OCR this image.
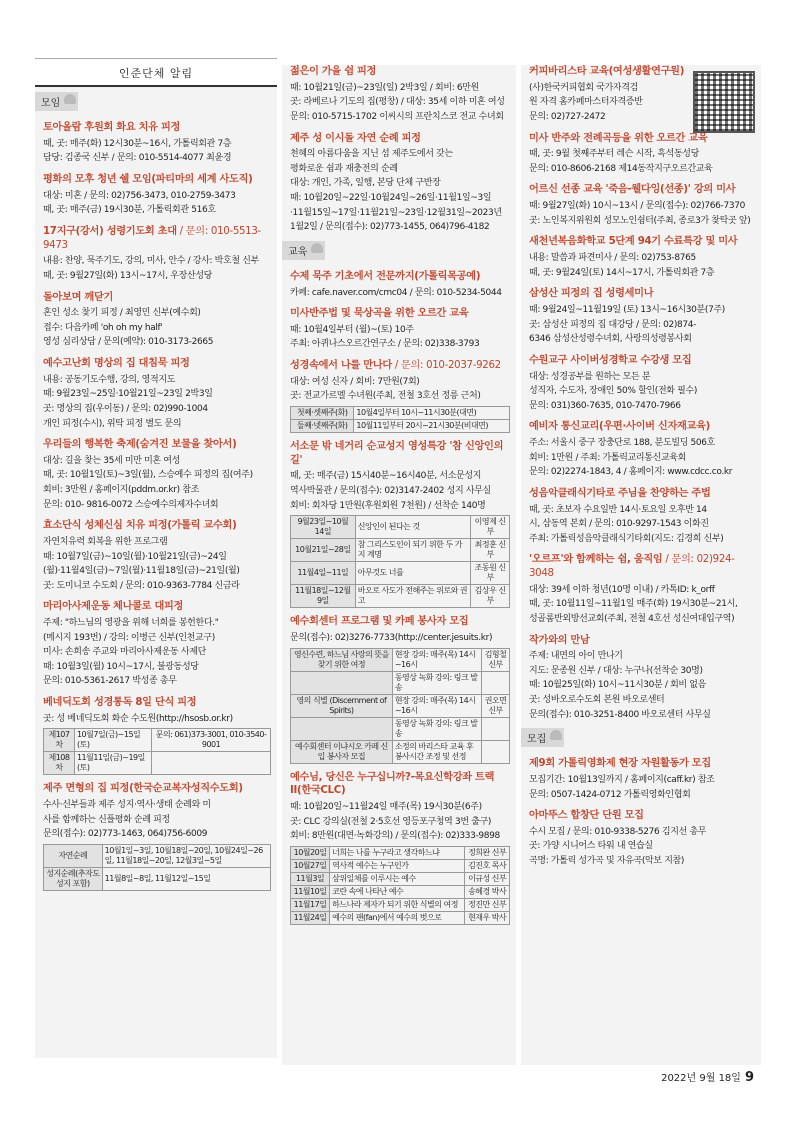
인준단체 알림
모임
토아올람 후원회 화요 치유 피정

때, 곳: 매주(화) 12시30분~16시, 가톨릭회관 7층

담당: 김종국 신부 / 문의: 010-5514-4077 최윤경

평화의 모후 청년 쉘 모임(파티마의 세계 사도직)

대상: 미혼 / 문의: 02)756-3473, 010-2759-3473

때, 곳: 매주(금) 19시30분, 가톨릭회관 516호

17지구(강서) 성령기도회 초대 / 문의: 010-5513-9473

내용: 찬양, 묵주기도, 강의, 미사, 안수 / 강사: 박호철 신부

때, 곳: 9월27일(화) 13시~17시, 우장산성당

돌아보며 깨닫기

혼인 성소 찾기 피정 / 최영민 신부(예수회)

접수: 다음카페 'oh oh my half'

영성 심리상담 / 문의(예약): 010-3173-2665

예수고난회 명상의 집 대침묵 피정

내용: 공동기도수행, 강의, 영적지도

때: 9월23일~25일·10월21일~23일 2박3일

곳: 명상의 집(우이동) / 문의: 02)990-1004

개인 피정(수시), 위탁 피정 별도 문의

우리들의 행복한 축제(숨겨진 보물을 찾아서)

대상: 길을 찾는 35세 미만 미혼 여성

때, 곳: 10월1일(토)~3일(월), 스승예수 피정의 집(여주)

회비: 3만원 / 홈페이지(pddm.or.kr) 참조

문의: 010- 9816-0072 스승예수의제자수녀회

효소단식 성체신심 치유 피정(가톨릭 교수회)

자연치유력 회복을 위한 프로그램

때: 10월7일(금)~10일(월)·10월21일(금)~24일

(월)·11월4일(금)~7일(월)·11월18일(금)~21일(월)

곳: 도미니코 수도회 / 문의: 010-9363-7784 신금라

마리아사제운동 체나콜로 대피정

주제: "하느님의 영광을 위해 너희를 봉헌한다."

(메시지 193번) / 강의: 이병근 신부(인천교구)

미사: 손희송 주교와 마리아사제운동 사제단

때: 10월3일(월) 10시~17시, 불광동성당

문의: 010-5361-2617 박성종 총무

베네딕도회 성경통독 8일 단식 피정

곳: 성 베네딕도회 화순 수도원(http://hsosb.or.kr)

제107차	10월7일(금)~15일(토)	문의: 061)373-3001, 010-3540-9001
제108차	11월11일(금)~19일(토)	
제주 면형의 집 피정(한국순교복자성직수도회)

수사·신부들과 제주 성지·역사·생태 순례와 미

사를 함께하는 신플평화 순례 피정

문의(접수): 02)773-1463, 064)756-6009

자연순례	10월1일~3일, 10월18일~20일, 10월24일~26일, 11월18일~20일, 12월3일~5일
성지순례(추자도성지 포함)	11월8일~8일, 11월12일~15일
젊은이 가을 쉼 피정

때: 10월21일(금)~23일(일) 2박3일 / 회비: 6만원

곳: 라베르나 기도의 집(평창) / 대상: 35세 이하 미혼 여성

문의: 010-5715-1702 이씨시의 프란치스코 전교 수녀회

제주 성 이시돌 자연 순례 피정

천혜의 아름다움을 지닌 섬 제주도에서 갖는

평화로운 쉼과 재충전의 순례

대상: 개인, 가족, 일행, 본당 단체 구반장

때: 10월20일~22일·10월24일~26일·11월1일~3일

·11월15일~17일·11월21일~23일·12월31일~2023년

1월2일 / 문의(접수): 02)773-1455, 064)796-4182

교육
수제 묵주 기초에서 전문까지(가톨릭목공예)

카페: cafe.naver.com/cmc04 / 문의: 010-5234-5044

미사반주법 및 묵상곡을 위한 오르간 교육

때: 10월4일부터 (월)~(토) 10주

주최: 아퀴나스오르간연구소 / 문의: 02)338-3793

성경속에서 나를 만나다 / 문의: 010-2037-9262

대상: 여성 신자 / 회비: 7만원(7회)

곳: 전교가르멜 수녀원(주최, 전철 3호선 정릉 근처)

첫째·셋째주(화)	10월4일부터 10시~11시30분(대면)
둘째·넷째주(화)	10월11일부터 20시~21시30분(비대면)
서소문 밖 네거리 순교성지 영성특강 '참 신앙인의 길'

때, 곳: 매주(금) 15시40분~16시40분, 서소문성지

역사박물관 / 문의(접수): 02)3147-2402 성지 사무실

회비: 회차당 1만원(후원회원 7천원) / 선착순 140명

9월23일~10월14일	신앙인이 된다는 것	이영제 신부
10월21일~28일	참 그리스도인이 되기 위한 두 가지 계명	최정훈 신부
11월4일~11일	아무것도 너를	조동원 신부
11월18일~12월9일	바오로 사도가 전해주는 위로와 권고	김상우 신부
예수회센터 프로그램 및 카페 봉사자 모집

문의(접수): 02)3276-7733(http://center.jesuits.kr)

영신수련, 하느님 사랑의 뜻을 찾기 위한 여정	현장 강의: 매주(목) 14시~16시	김형철 신부
	동영상 녹화 강의: 링크 발송	
영의 식별 (Discernment of Spirits)	현장 강의: 매주(목) 14시~16시	권오면 신부
	동영상 녹화 강의: 링크 발송	
예수회센터 이냐시오 카페 신입 봉사자 모집	소정의 바리스타 교육 후 봉사시간 조정 및 선정	
예수님, 당신은 누구십니까?-목요신학강좌 트랙 II(한국CLC)

때: 10월20일~11월24일 매주(목) 19시30분(6주)

곳: CLC 강의실(전철 2·5호선 영등포구청역 3번 출구)

회비: 8만원(대면·녹화강의) / 문의(접수): 02)333-9898

10월20일	너희는 나를 누구라고 생각하느냐	정희완 신부
10월27일	역사적 예수는 누구인가	김진호 목사
11월3일	삼위일체를 이루시는 예수	이규성 신부
11월10일	코란 속에 나타난 예수	송혜경 박사
11월17일	하느나라 제자가 되기 위한 식별의 여정	정진만 신부
11월24일	예수의 팬(fan)에서 예수의 벗으로	현재우 박사
커피바리스타 교육(여성생활연구원)

(사)한국커피협회 국가자격검

원 자격 홈카페마스터자격증반

문의: 02)727-2472

미사 반주와 전례곡등을 위한 오르간 교육

때, 곳: 9월 첫째주부터 레슨 시작, 흑석동성당

문의: 010-8606-2168 제14동작지구오르간교육

어르신 선종 교육 '죽음-웰다잉(선종)' 강의 미사

때: 9월27일(화) 10시~13시 / 문의(접수): 02)766-7370

곳: 노인복지위원회 성모노인쉼터(주최, 종로3가 찾탁곳 앞)

새천년복음화학교 5단계 94기 수료특강 및 미사

내용: 말씀과 파견미사 / 문의: 02)753-8765

때, 곳: 9월24일(토) 14시~17시, 가톨릭회관 7층

삼성산 피정의 집 성령세미나

때: 9월24일~11월19일 (토) 13시~16시30분(7주)

곳: 삼성산 피정의 집 대강당 / 문의: 02)874-

6346 삼성산성령수녀회, 사랑의성령봉사회

수원교구 사이버성경학교 수강생 모집

대상: 성경공부를 원하는 모든 분

성직자, 수도자, 장애인 50% 할인(전화 필수)

문의: 031)360-7635, 010-7470-7966

예비자 통신교리(우편·사이버 신자재교육)

주소: 서울시 중구 장충단로 188, 분도빌딩 506호

회비: 1만원 / 주최: 가톨릭교리통신교육회

문의: 02)2274-1843, 4 / 홈페이지: www.cdcc.co.kr

성음악클래식기타로 주님을 찬양하는 주법

때, 곳: 초보자 수요일반 14시·토요일 오후반 14

시, 삼동역 본회 / 문의: 010-9297-1543 이화진

주최: 가톨릭성음악클래식기타회(지도: 김경희 신부)

'오르프'와 함께하는 쉼, 움직임 / 문의: 02)924-3048

대상: 39세 이하 청년(10명 이내) / 카톡ID: k_orff

때, 곳: 10월11일~11월1일 매주(화) 19시30분~21시,

성골롬반외방선교회(주최, 전철 4호선 성신여대입구역)

작가와의 만남

주제: 내면의 아이 만나기

지도: 문종원 신부 / 대상: 누구나(선착순 30명)

때: 10월25일(화) 10시~11시30분 / 회비 없음

곳: 성바오로수도회 본원 바오로센터

문의(접수): 010-3251-8400 바오로센터 사무실

모집
제9회 가톨릭영화제 현장 자원활동가 모집

모집기간: 10월13일까지 / 홈페이지(caff.kr) 참조

문의: 0507-1424-0712 가톨릭영화인협회

아마뚜스 합창단 단원 모집

수시 모집 / 문의: 010-9338-5276 김지선 총무

곳: 가양 시니어스 타워 내 연습실

곡명: 가톨릭 성가곡 및 자유곡(악보 지참)

2022년 9월 18일 9
